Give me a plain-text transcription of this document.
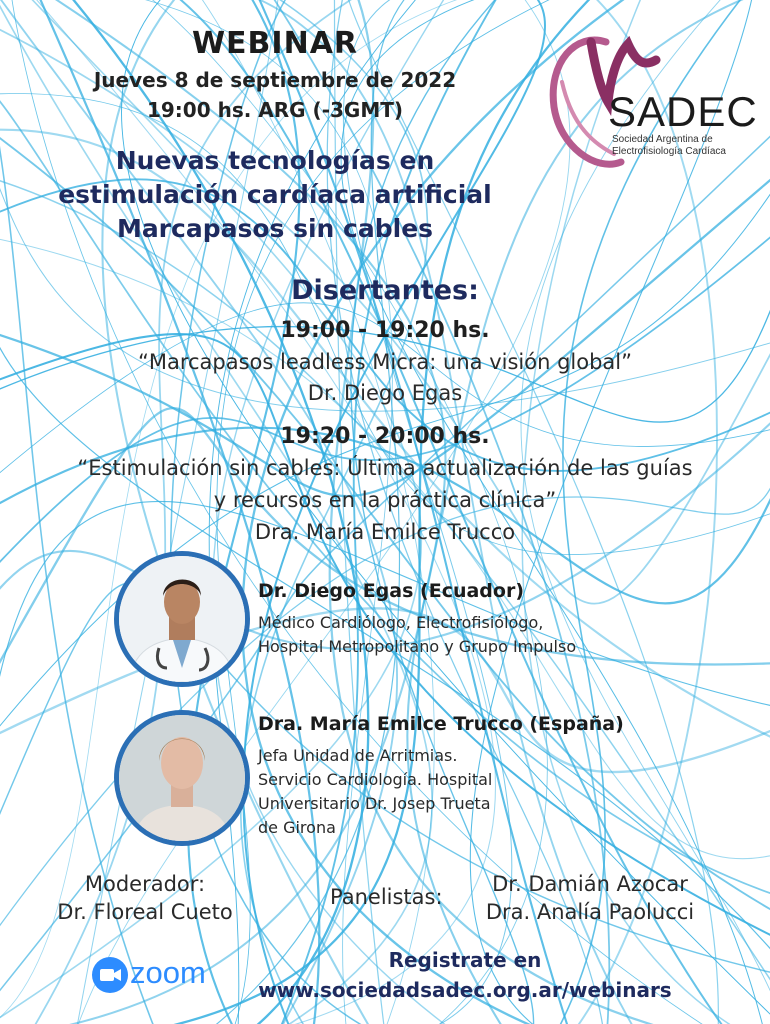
WEBINAR
Jueves 8 de septiembre de 2022
19:00 hs. ARG (-3GMT)	SADEC
Sociedad Argentina de
Electrofisiología Cardíaca
Nuevas tecnologías en
estimulación cardíaca artificial
Marcapasos sin cables
Disertantes:
19:00 - 19:20 hs.
“Marcapasos leadless Micra: una visión global”
Dr. Diego Egas
19:20 - 20:00 hs.
“Estimulación sin cables: Última actualización de las guías
y recursos en la práctica clínica”
Dra. María Emilce Trucco
Dr. Diego Egas (Ecuador)
Médico Cardiólogo, Electrofisiólogo,
Hospital Metropolitano y Grupo Impulso
Dra. María Emilce Trucco (España)
Jefa Unidad de Arritmias.
Servicio Cardiología. Hospital
Universitario Dr. Josep Trueta
de Girona
Moderador:
Dr. Floreal Cueto
Panelistas:
Dr. Damián Azocar
Dra. Analía Paolucci
Registrate en
www.sociedadsadec.org.ar/webinars
zoom
